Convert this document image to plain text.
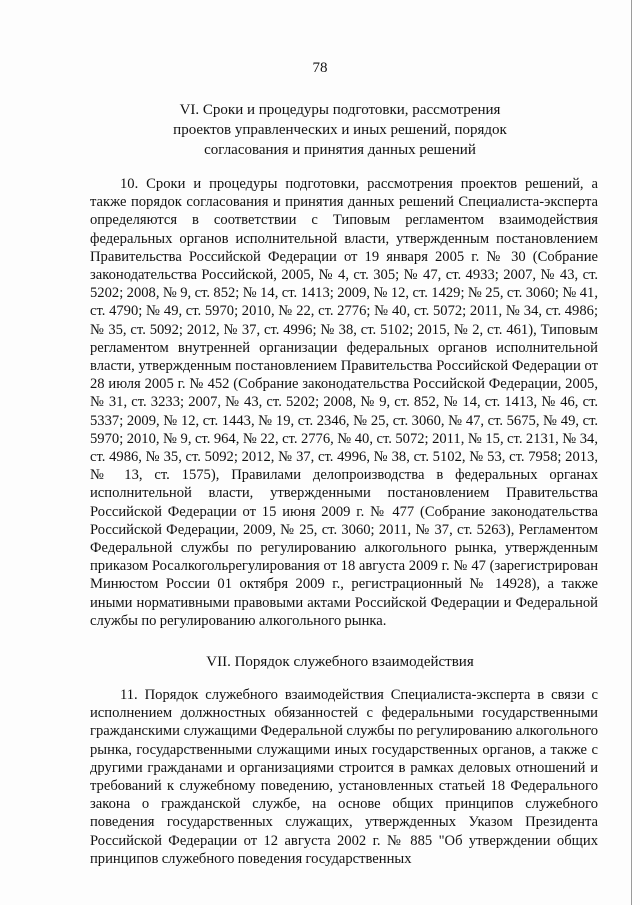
78
VI. Сроки и процедуры подготовки, рассмотрения
проектов управленческих и иных решений, порядок
согласования и принятия данных решений

10. Сроки и процедуры подготовки, рассмотрения проектов решений, а также порядок согласования и принятия данных решений Специалиста-эксперта определяются в соответствии с Типовым регламентом взаимодействия федеральных органов исполнительной власти, утвержденным постановлением Правительства Российской Федерации от 19 января 2005 г. № 30 (Собрание законодательства Российской, 2005, № 4, ст. 305; № 47, ст. 4933; 2007, № 43, ст. 5202; 2008, № 9, ст. 852; № 14, ст. 1413; 2009, № 12, ст. 1429; № 25, ст. 3060; № 41, ст. 4790; № 49, ст. 5970; 2010, № 22, ст. 2776; № 40, ст. 5072; 2011, № 34, ст. 4986; № 35, ст. 5092; 2012, № 37, ст. 4996; № 38, ст. 5102; 2015, № 2, ст. 461), Типовым регламентом внутренней организации федеральных органов исполнительной власти, утвержденным постановлением Правительства Российской Федерации от 28 июля 2005 г. № 452 (Собрание законодательства Российской Федерации, 2005, № 31, ст. 3233; 2007, № 43, ст. 5202; 2008, № 9, ст. 852, № 14, ст. 1413, № 46, ст. 5337; 2009, № 12, ст. 1443, № 19, ст. 2346, № 25, ст. 3060, № 47, ст. 5675, № 49, ст. 5970; 2010, № 9, ст. 964, № 22, ст. 2776, № 40, ст. 5072; 2011, № 15, ст. 2131, № 34, ст. 4986, № 35, ст. 5092; 2012, № 37, ст. 4996, № 38, ст. 5102, № 53, ст. 7958; 2013, № 13, ст. 1575), Правилами делопроизводства в федеральных органах исполнительной власти, утвержденными постановлением Правительства Российской Федерации от 15 июня 2009 г. № 477 (Собрание законодательства Российской Федерации, 2009, № 25, ст. 3060; 2011, № 37, ст. 5263), Регламентом Федеральной службы по регулированию алкогольного рынка, утвержденным приказом Росалкогольрегулирования от 18 августа 2009 г. № 47 (зарегистрирован Минюстом России 01 октября 2009 г., регистрационный № 14928), а также иными нормативными правовыми актами Российской Федерации и Федеральной службы по регулированию алкогольного рынка.

VII. Порядок служебного взаимодействия

11. Порядок служебного взаимодействия Специалиста-эксперта в связи с исполнением должностных обязанностей с федеральными государственными гражданскими служащими Федеральной службы по регулированию алкогольного рынка, государственными служащими иных государственных органов, а также с другими гражданами и организациями строится в рамках деловых отношений и требований к служебному поведению, установленных статьей 18 Федерального закона о гражданской службе, на основе общих принципов служебного поведения государственных служащих, утвержденных Указом Президента Российской Федерации от 12 августа 2002 г. № 885 "Об утверждении общих принципов служебного поведения государственных
